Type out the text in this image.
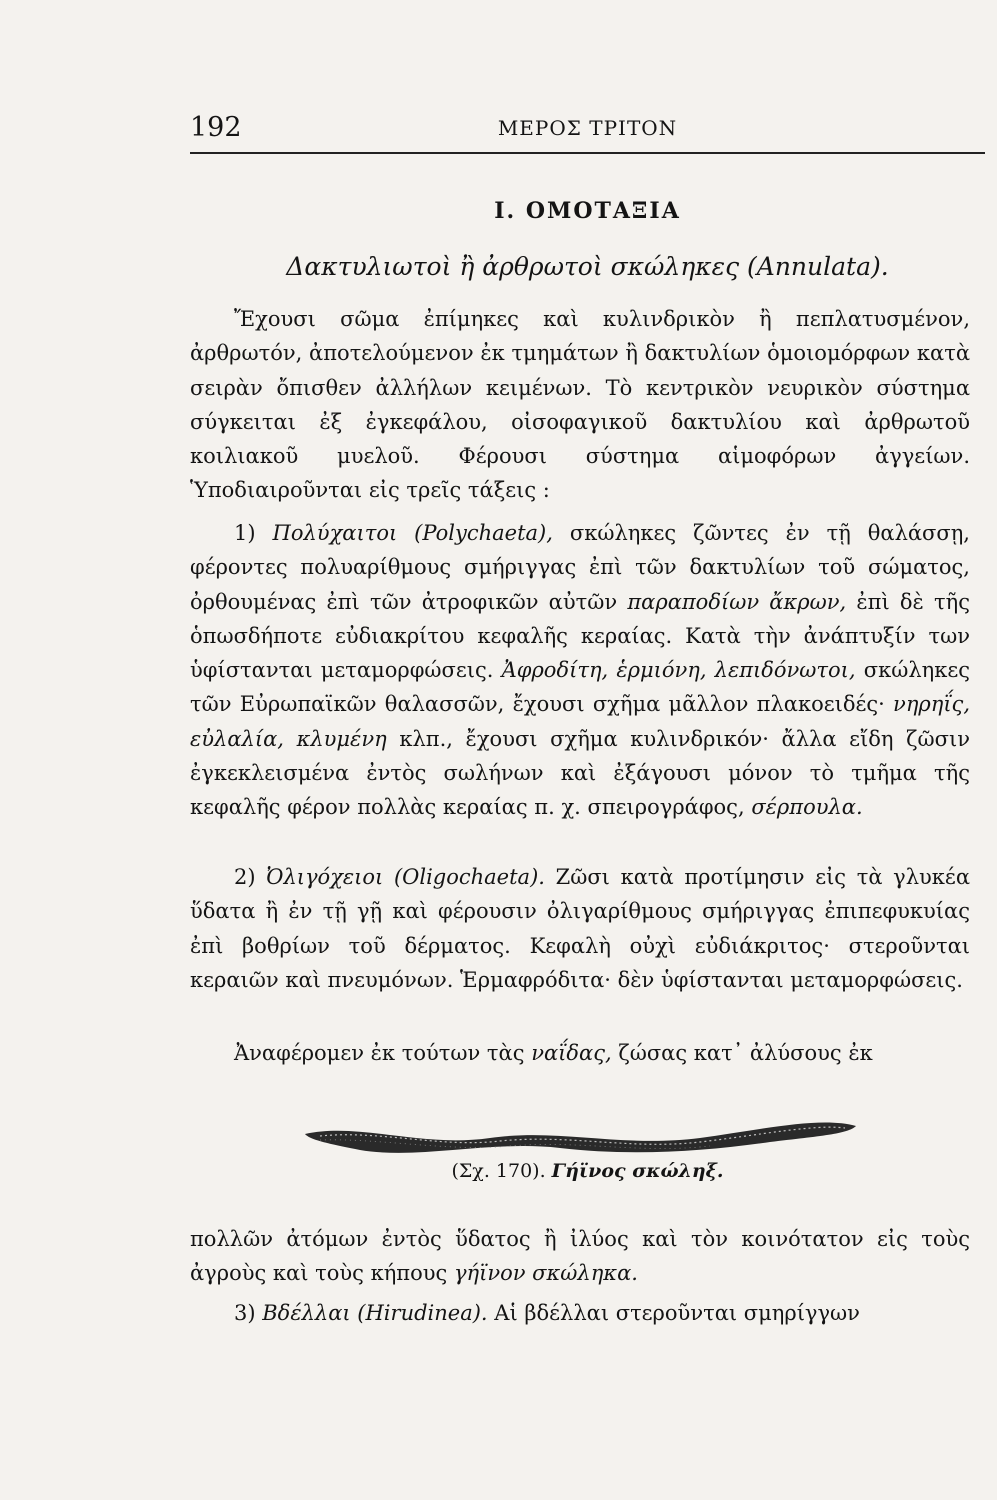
192	ΜΕΡΟΣ ΤΡΙΤΟΝ
Ι. ΟΜΟΤΑΞΙΑ
Δακτυλιωτοὶ ἢ ἀρθρωτοὶ σκώληκες (Annulata).
Ἔχουσι σῶμα ἐπίμηκες καὶ κυλινδρικὸν ἢ πεπλατυσμένον, ἀρθρωτόν, ἀποτελούμενον ἐκ τμημάτων ἢ δακτυλίων ὁμοιομόρφων κατὰ σειρὰν ὄπισθεν ἀλλήλων κειμένων. Τὸ κεντρικὸν νευρικὸν σύστημα σύγκειται ἐξ ἐγκεφάλου, οἰσοφαγικοῦ δακτυλίου καὶ ἀρθρωτοῦ κοιλιακοῦ μυελοῦ. Φέρουσι σύστημα αἱμοφόρων ἀγγείων. Ὑποδιαιροῦνται εἰς τρεῖς τάξεις :
1) Πολύχαιτοι (Polychaeta), σκώληκες ζῶντες ἐν τῇ θαλάσσῃ, φέροντες πολυαρίθμους σμήριγγας ἐπὶ τῶν δακτυλίων τοῦ σώματος, ὀρθουμένας ἐπὶ τῶν ἀτροφικῶν αὐτῶν παραποδίων ἄκρων, ἐπὶ δὲ τῆς ὁπωσδήποτε εὐδιακρίτου κεφαλῆς κεραίας. Κατὰ τὴν ἀνάπτυξίν των ὑφίστανται μεταμορφώσεις. Ἀφροδίτη, ἑρμιόνη, λεπιδόνωτοι, σκώληκες τῶν Εὐρωπαϊκῶν θαλασσῶν, ἔχουσι σχῆμα μᾶλλον πλακοειδές· νηρηΐς, εὐλαλία, κλυμένη κλπ., ἔχουσι σχῆμα κυλινδρικόν· ἄλλα εἴδη ζῶσιν ἐγκεκλεισμένα ἐντὸς σωλήνων καὶ ἐξάγουσι μόνον τὸ τμῆμα τῆς κεφαλῆς φέρον πολλὰς κεραίας π. χ. σπειρογράφος, σέρπουλα.
2) Ὀλιγόχειοι (Oligochaeta). Ζῶσι κατὰ προτίμησιν εἰς τὰ γλυκέα ὕδατα ἢ ἐν τῇ γῇ καὶ φέρουσιν ὀλιγαρίθμους σμήριγγας ἐπιπεφυκυίας ἐπὶ βοθρίων τοῦ δέρματος. Κεφαλὴ οὐχὶ εὐδιάκριτος· στεροῦνται κεραιῶν καὶ πνευμόνων. Ἑρμαφρόδιτα· δὲν ὑφίστανται μεταμορφώσεις.
Ἀναφέρομεν ἐκ τούτων τὰς ναΐδας, ζώσας κατ᾽ ἀλύσους ἐκ
(Σχ. 170). Γήϊνος σκώληξ.
πολλῶν ἀτόμων ἐντὸς ὕδατος ἢ ἰλύος καὶ τὸν κοινότατον εἰς τοὺς ἀγροὺς καὶ τοὺς κήπους γήϊνον σκώληκα.
3) Βδέλλαι (Hirudinea). Αἱ βδέλλαι στεροῦνται σμηρίγγων
